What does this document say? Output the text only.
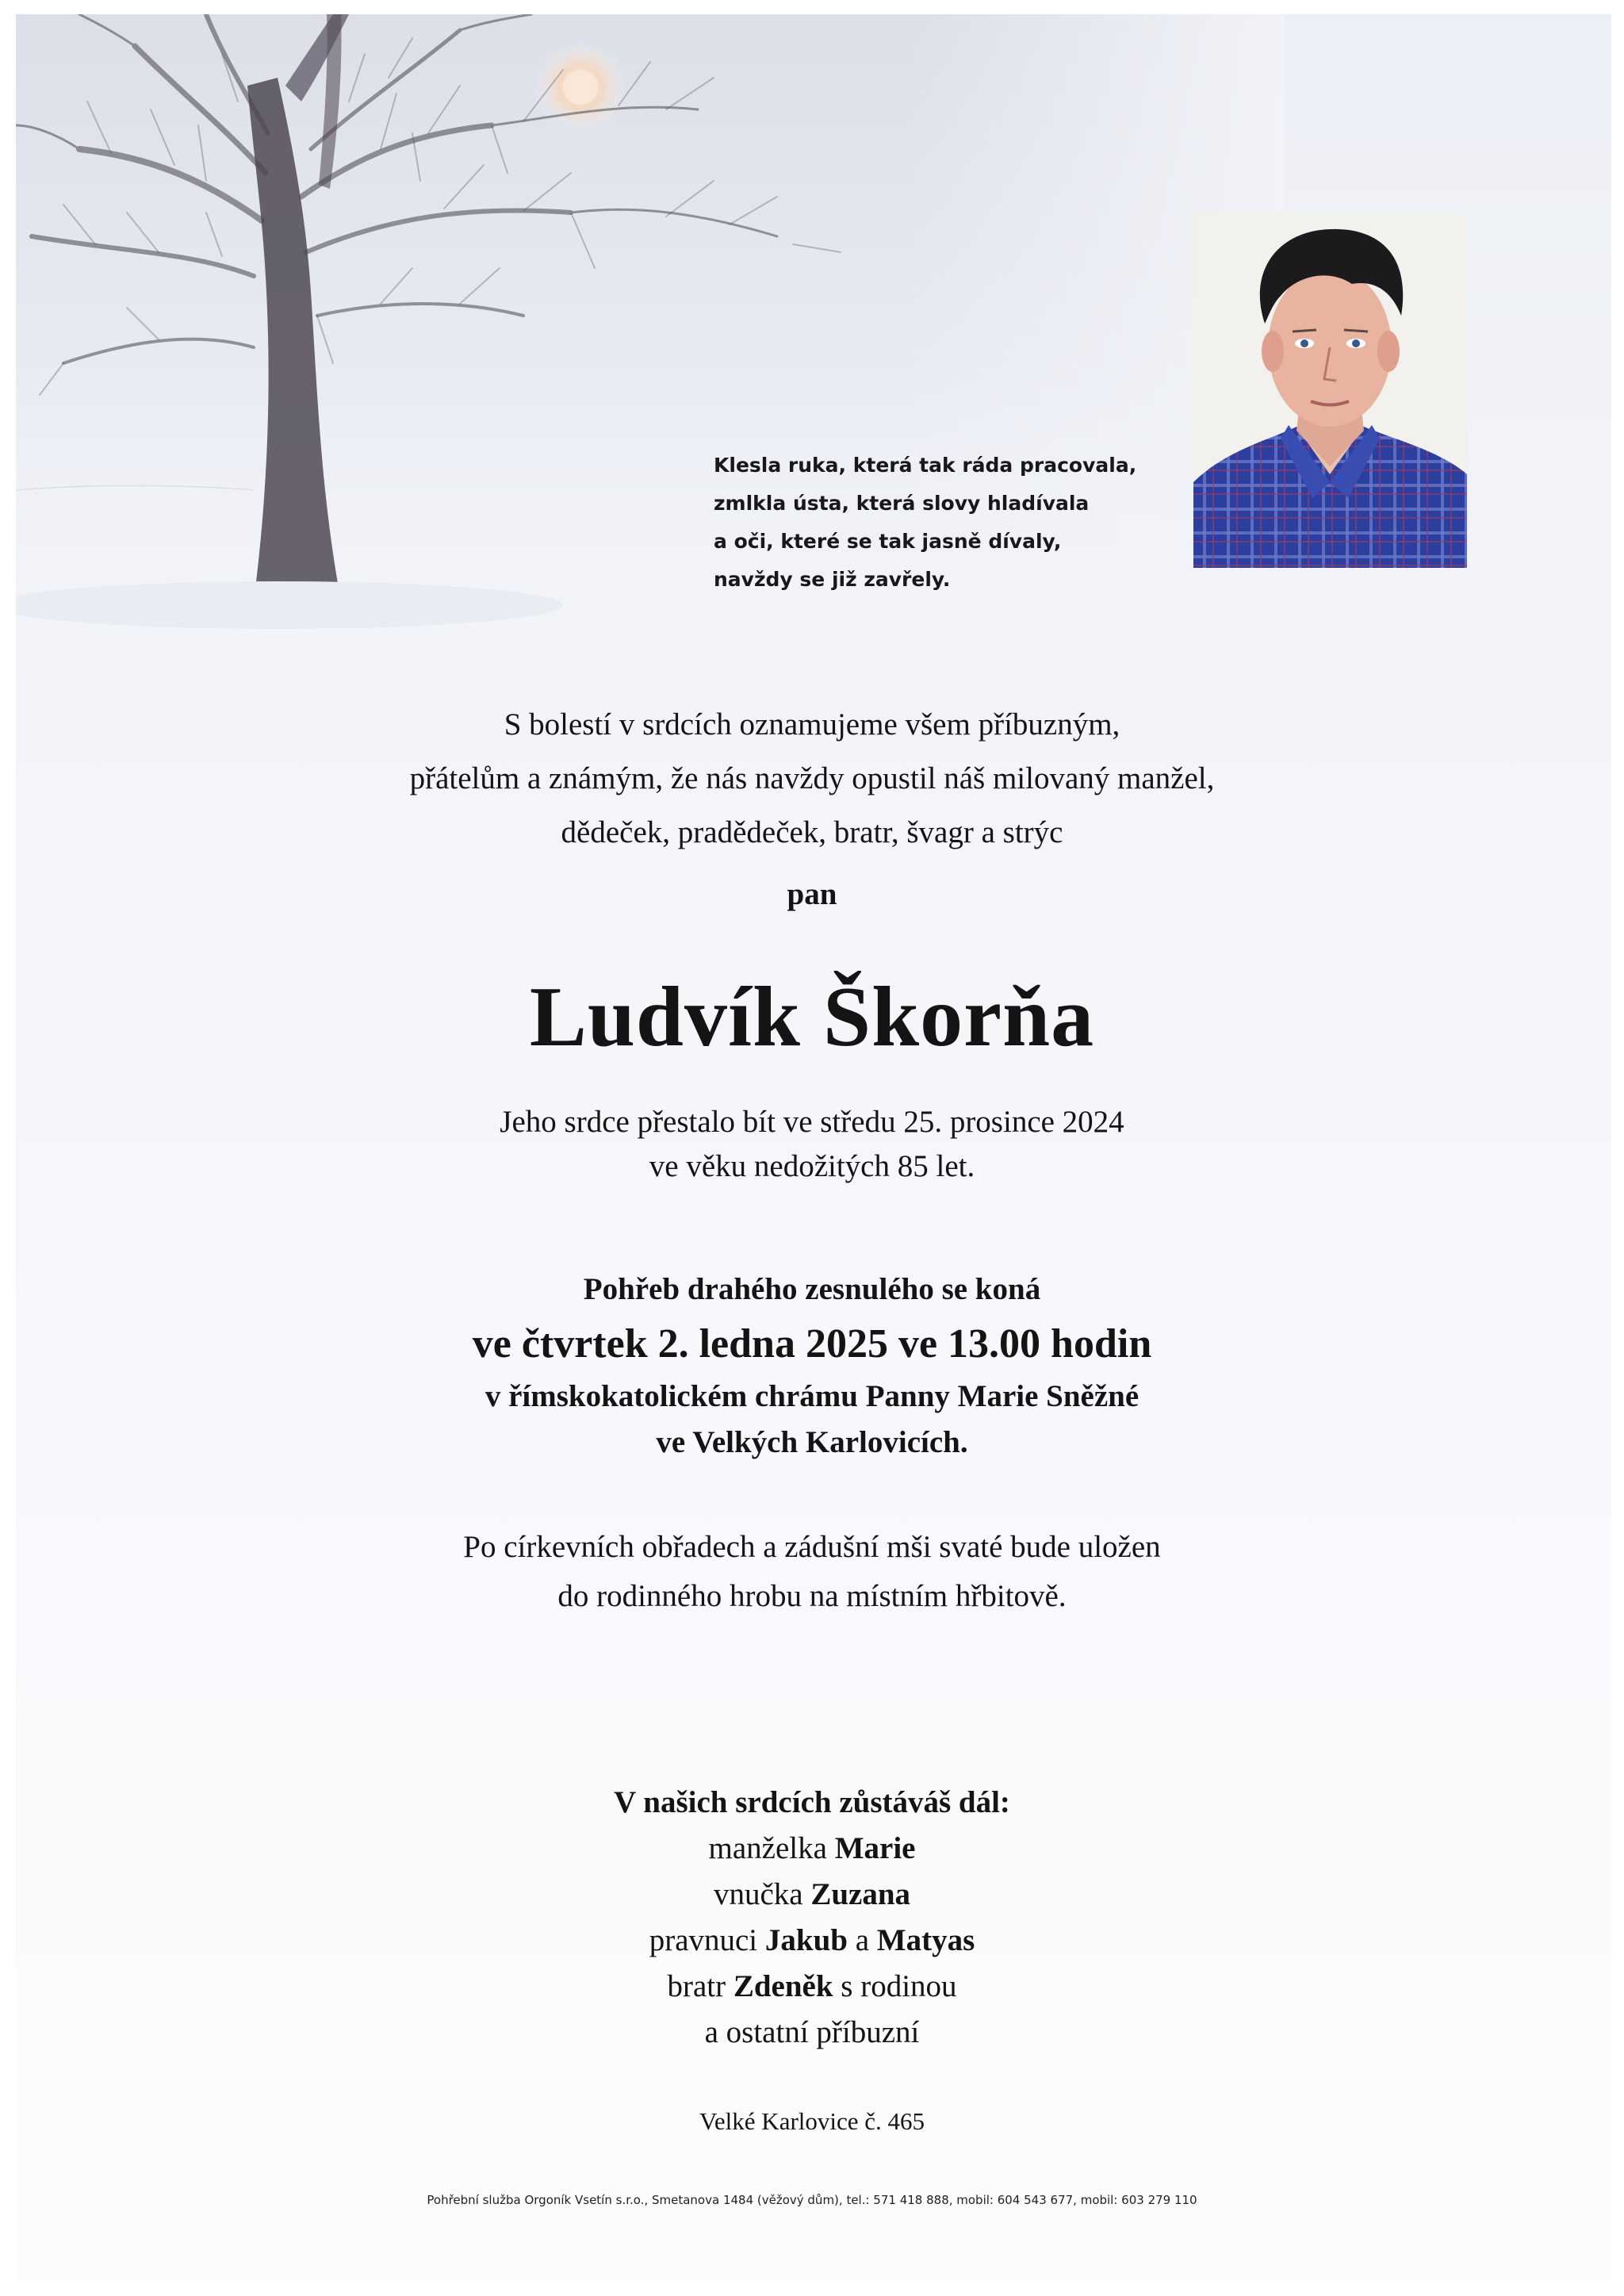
Klesla ruka, která tak ráda pracovala,
zmlkla ústa, která slovy hladívala
a oči, které se tak jasně dívaly,
navždy se již zavřely.
S bolestí v srdcích oznamujeme všem příbuzným,
přátelům a známým, že nás navždy opustil náš milovaný manžel,
dědeček, pradědeček, bratr, švagr a strýc
pan
Ludvík Škorňa
Jeho srdce přestalo bít ve středu 25. prosince 2024
ve věku nedožitých 85 let.
Pohřeb drahého zesnulého se koná
ve čtvrtek 2. ledna 2025 ve 13.00 hodin
v římskokatolickém chrámu Panny Marie Sněžné
ve Velkých Karlovicích.
Po církevních obřadech a zádušní mši svaté bude uložen
do rodinného hrobu na místním hřbitově.
V našich srdcích zůstáváš dál:
manželka Marie
vnučka Zuzana
pravnuci Jakub a Matyas
bratr Zdeněk s rodinou
a ostatní příbuzní
Velké Karlovice č. 465
Pohřební služba Orgoník Vsetín s.r.o., Smetanova 1484 (věžový dům), tel.: 571 418 888, mobil: 604 543 677, mobil: 603 279 110
